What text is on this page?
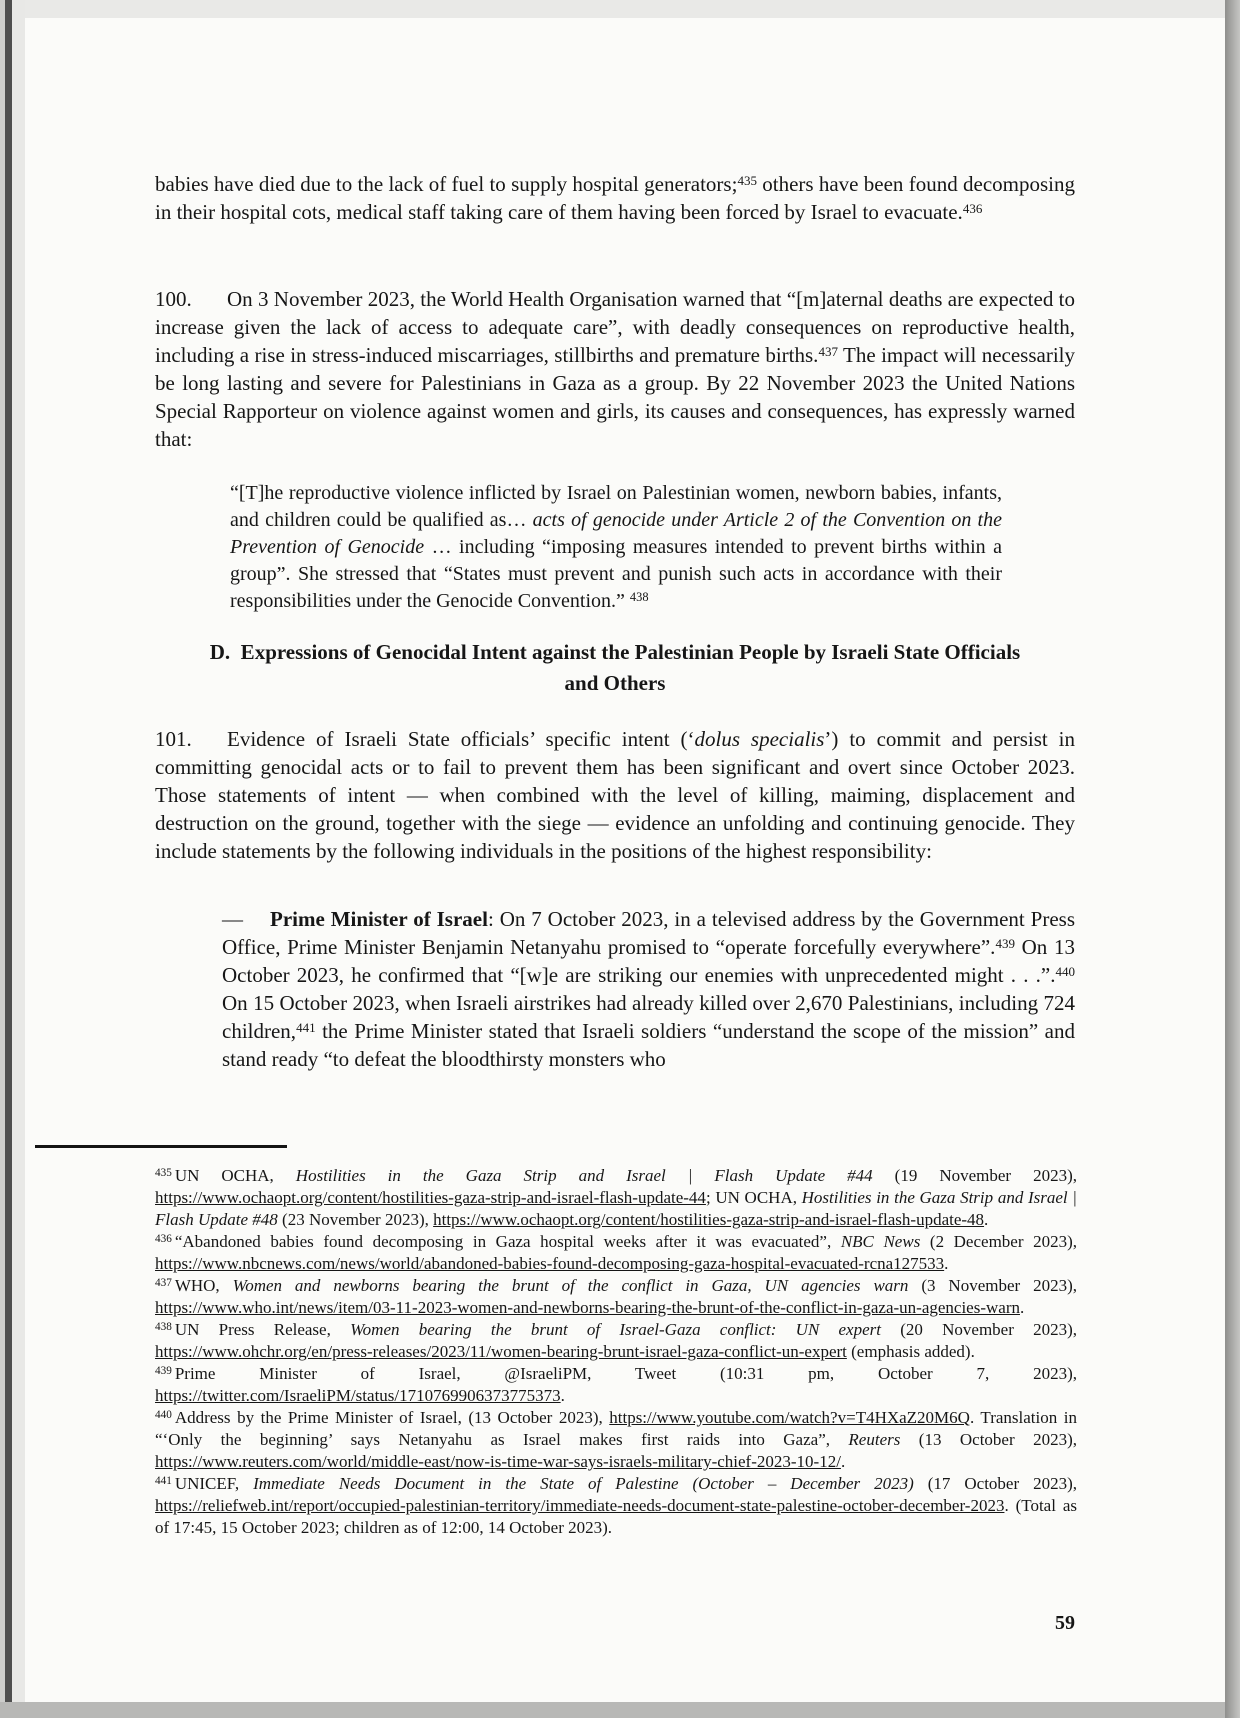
babies have died due to the lack of fuel to supply hospital generators;$^{435}$ others have been found decomposing in their hospital cots, medical staff taking care of them having been forced by Israel to evacuate.$^{436}$
100. On 3 November 2023, the World Health Organisation warned that “[m]aternal deaths are expected to increase given the lack of access to adequate care”, with deadly consequences on reproductive health, including a rise in stress-induced miscarriages, stillbirths and premature births.$^{437}$ The impact will necessarily be long lasting and severe for Palestinians in Gaza as a group. By 22 November 2023 the United Nations Special Rapporteur on violence against women and girls, its causes and consequences, has expressly warned that:
“[T]he reproductive violence inflicted by Israel on Palestinian women, newborn babies, infants, and children could be qualified as… acts of genocide under Article 2 of the Convention on the Prevention of Genocide … including “imposing measures intended to prevent births within a group”. She stressed that “States must prevent and punish such acts in accordance with their responsibilities under the Genocide Convention.” $^{438}$
D.  Expressions of Genocidal Intent against the Palestinian People by Israeli State Officials
and Others
101. Evidence of Israeli State officials’ specific intent (‘dolus specialis’) to commit and persist in committing genocidal acts or to fail to prevent them has been significant and overt since October 2023. Those statements of intent — when combined with the level of killing, maiming, displacement and destruction on the ground, together with the siege — evidence an unfolding and continuing genocide. They include statements by the following individuals in the positions of the highest responsibility:
— Prime Minister of Israel: On 7 October 2023, in a televised address by the Government Press Office, Prime Minister Benjamin Netanyahu promised to “operate forcefully everywhere”.$^{439}$ On 13 October 2023, he confirmed that “[w]e are striking our enemies with unprecedented might . . .”.$^{440}$ On 15 October 2023, when Israeli airstrikes had already killed over 2,670 Palestinians, including 724 children,$^{441}$ the Prime Minister stated that Israeli soldiers “understand the scope of the mission” and stand ready “to defeat the bloodthirsty monsters who
$^{435}$ UN OCHA, Hostilities in the Gaza Strip and Israel | Flash Update #44 (19 November 2023), https://www.ochaopt.org/content/hostilities-gaza-strip-and-israel-flash-update-44; UN OCHA, Hostilities in the Gaza Strip and Israel | Flash Update #48 (23 November 2023), https://www.ochaopt.org/content/hostilities-gaza-strip-and-israel-flash-update-48.
$^{436}$ “Abandoned babies found decomposing in Gaza hospital weeks after it was evacuated”, NBC News (2 December 2023), https://www.nbcnews.com/news/world/abandoned-babies-found-decomposing-gaza-hospital-evacuated-rcna127533.
$^{437}$ WHO, Women and newborns bearing the brunt of the conflict in Gaza, UN agencies warn (3 November 2023), https://www.who.int/news/item/03-11-2023-women-and-newborns-bearing-the-brunt-of-the-conflict-in-gaza-un-agencies-warn.
$^{438}$ UN Press Release, Women bearing the brunt of Israel-Gaza conflict: UN expert (20 November 2023), https://www.ohchr.org/en/press-releases/2023/11/women-bearing-brunt-israel-gaza-conflict-un-expert (emphasis added).
$^{439}$ Prime Minister of Israel, @IsraeliPM, Tweet (10:31 pm, October 7, 2023), https://twitter.com/IsraeliPM/status/1710769906373775373.
$^{440}$ Address by the Prime Minister of Israel, (13 October 2023), https://www.youtube.com/watch?v=T4HXaZ20M6Q. Translation in “‘Only the beginning’ says Netanyahu as Israel makes first raids into Gaza”, Reuters (13 October 2023), https://www.reuters.com/world/middle-east/now-is-time-war-says-israels-military-chief-2023-10-12/.
$^{441}$ UNICEF, Immediate Needs Document in the State of Palestine (October – December 2023) (17 October 2023), https://reliefweb.int/report/occupied-palestinian-territory/immediate-needs-document-state-palestine-october-december-2023. (Total as of 17:45, 15 October 2023; children as of 12:00, 14 October 2023).
59
